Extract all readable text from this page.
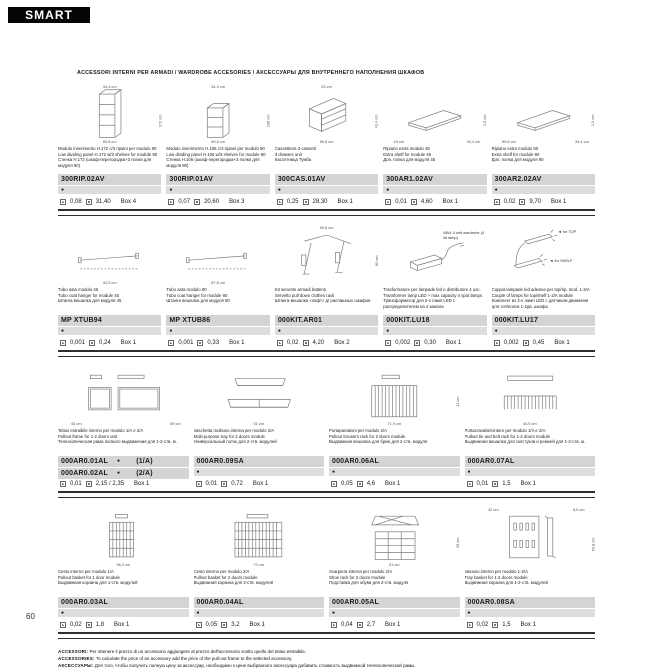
SMART
ACCESSORI INTERNI PER ARMADI / WARDROBE ACCESORIES / АКСЕССУАРЫ ДЛЯ ВНУТРЕННЕГО НАПОЛНЕНИЯ ШКАФОВ
34,4 cm
172 cm
89,8 cm
Modulo inserimento H.172 c/3 ripiani per modulo 90
Low dividing panel H.172 w/3 shelves for module 90
Стенка Н.172 (шкаф-перегородка+3 полки для модуля 90)
300RIP.02AV
●
0,08 31,40 Box 4
34,4 cm
106 cm
89,8 cm
Modulo inserimento H.106 c/3 ripiani per modulo 90
Low dividing panel H.106 w/3 shelves for module 90
Стенка Н.106 (шкаф-перегородка+3 полки для модуля 90)
300RIP.01AV
●
0,07 20,60 Box 3
43 cm
41,4 cm
89,8 cm
Cassettiera 3 cassetti
3 drawers unit
Кассетница Тумба
300CAS.01AV
●
0,25 28,30 Box 1
44 cm
2,5 cm
34,4 cm
Ripiano extra modulo 45
Extra shelf for module 45
Доп. полка для модуля 45
300AR1.02AV
●
0,01 4,60 Box 1
89,8 cm
2,5 cm
34,4 cm
Ripiano extra modulo 90
Extra shelf for module 90
Доп. полка для модуля 90
300AR2.02AV
●
0,02 9,70 Box 1
42,5 cm
Tubo asta modulo 45
Tubo coat hanger for module 45
Штанга вешалка для модуля 45
MP XTUB94
●
0,001 0,24 Box 1
87,8 cm
Tubo asta modulo 90
Tubo coat hanger for module 90
Штанга вешалка для модуля 90
MP XTUB86
●
0,001 0,33 Box 1
89,8 cm
85 cm
Kit servetto armadi battenti
Servetto pull down clothes rack
Штанга-вешалка «лифт» д/ распашных шкафов
000KIT.AR01
●
0,02 4,20 Box 2
MAX 4 unit wardrobe (4 kit lamp)
Trasformatore per lampade led e distributore 4 usc.
Transformer lamp LED + max capacity 4 spot lamps
Трансформатор для 2-х ламп LED с распределителем на 4 канала
000KIT.LU18
●
0,002 0,30 Box 1
◄ for TOP
◄ for SHELF
Coppia lampade led adesive per top/rip. mod. 1-2/A
Couple of lamps for top/shelf 1-2/A module
Комплект из 2-х ламп LED с датчиком движения для топ/полок 1-2дв. шкафа
000KIT.LU17
●
0,002 0,45 Box 1
44 cm	89 cm
Telaio estraibile interno per modulo 1/A e 2/A
Pullout frame for 1-2 doors unit
Телескопическая рама полного выдвижения для 1-2-ств. м.
000AR0.01AL ● (1/A)
000AR0.02AL ● (2/A)
0,01 2,15 / 2,35 Box 1
51 cm
Vaschetta multiuso interna per modulo 2/A
Multi-purpose tray for 2 doors module
Универсальный лоток для 2-ств. модулей
000AR0.09SA
●
0,01 0,72 Box 1
71,9 cm
11 cm
Portapantaloni per modulo 2/A
Pullout trousers rack for 2 doors module
Выдвижная вешалка для брюк для 2-ств. модуля
000AR0.06AL
●
0,05 4,6 Box 1
44,9 cm
Portacravatte/cinture per modulo 1/A e 2/A
Pullout tie and belt rack for 1-2 doors module
Выдвижная вешалка для галстуков и ремней для 1-2-ств. м.
000AR0.07AL
●
0,01 1,5 Box 1
38,3 cm
Cesto interno per modulo 1/A
Pullout basket for 1 door module
Выдвижная корзина для 1-ств. модулей
000AR0.03AL
●
0,02 1,8 Box 1
73 cm
Cesto interno per modulo 2/A
Pullout basket for 2 doors module
Выдвижная корзина для 2-ств. модулей
000AR0.04AL
●
0,05 3,2 Box 1
51 cm
29 cm
Scarpiera interna per modulo 2/A
Shoe rack for 2 doors module
Подставка для обуви для 2-ств. модуля
000AR0.05AL
●
0,04 2,7 Box 1
32 cm	8,5 cm
50,8 cm
Vassoio interno per modulo 1-2/A
Tray basket for 1-2 doors module
Выдвижная корзина для 1-2-ств. модулей
000AR0.08SA
●
0,02 1,5 Box 1
ACCESSORI: Per ottenere il prezzo di un accessorio aggiungere al prezzo dell'accessorio scelto quello del telaio estraibile.
ACCESSORIES: To calculate the price of an accessory add the price of the pull-out frame to the selected accessory.
АКСЕССУАРЫ: Для того, чтобы получить полную цену за аксессуар, необходимо к цене выбранного аксессуара добавить стоимость выдвижной телескопической рамы.
60
